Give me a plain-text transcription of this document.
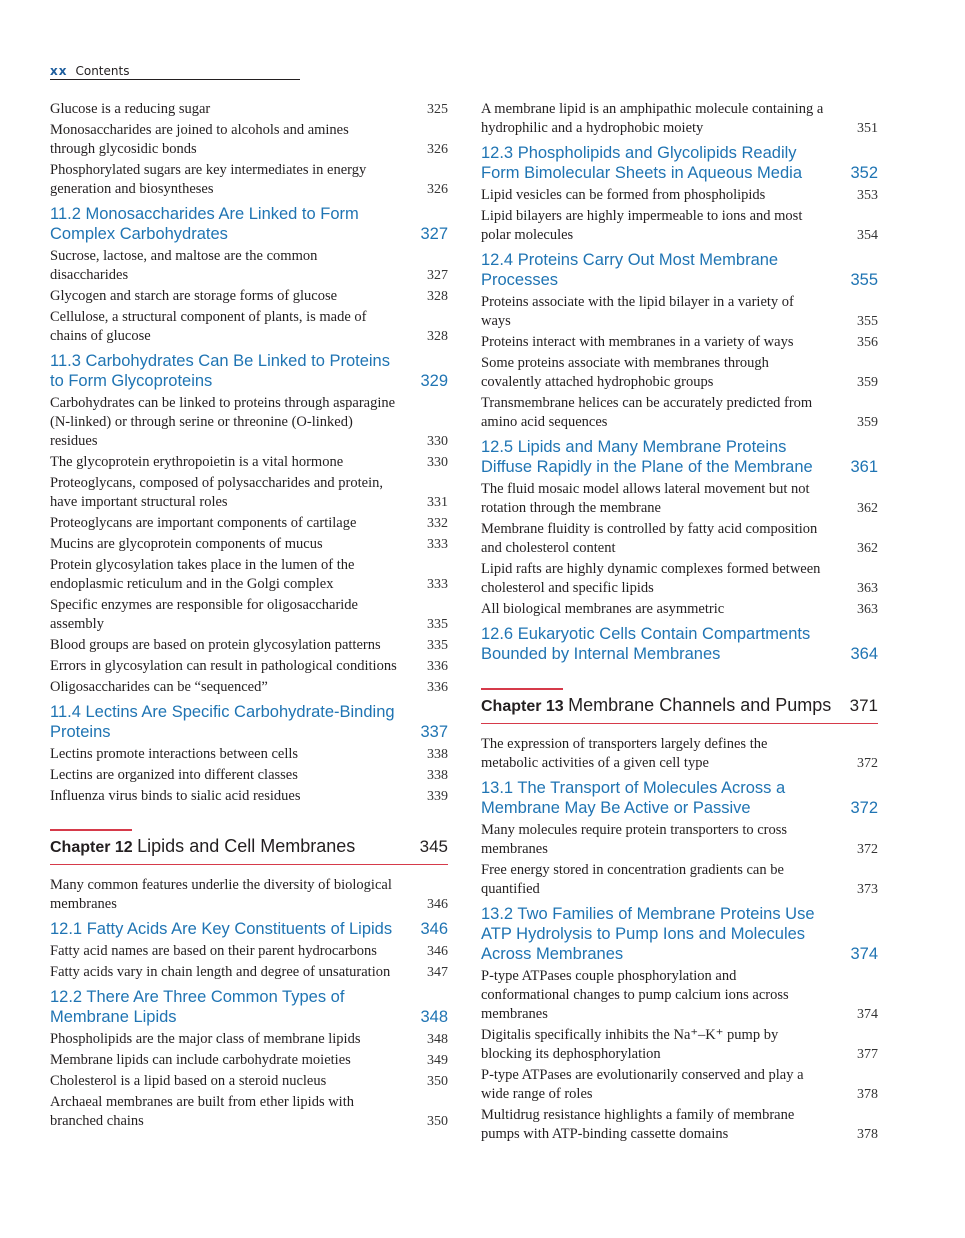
xx Contents
Glucose is a reducing sugar	325
Monosaccharides are joined to alcohols and amines through glycosidic bonds	326
Phosphorylated sugars are key intermediates in energy generation and biosyntheses	326
11.2 Monosaccharides Are Linked to Form Complex Carbohydrates	327
Sucrose, lactose, and maltose are the common disaccharides	327
Glycogen and starch are storage forms of glucose	328
Cellulose, a structural component of plants, is made of chains of glucose	328
11.3 Carbohydrates Can Be Linked to Proteins to Form Glycoproteins	329
Carbohydrates can be linked to proteins through asparagine (N-linked) or through serine or threonine (O-linked) residues	330
The glycoprotein erythropoietin is a vital hormone	330
Proteoglycans, composed of polysaccharides and protein, have important structural roles	331
Proteoglycans are important components of cartilage	332
Mucins are glycoprotein components of mucus	333
Protein glycosylation takes place in the lumen of the endoplasmic reticulum and in the Golgi complex	333
Specific enzymes are responsible for oligosaccharide assembly	335
Blood groups are based on protein glycosylation patterns	335
Errors in glycosylation can result in pathological conditions	336
Oligosaccharides can be “sequenced”	336
11.4 Lectins Are Specific Carbohydrate-Binding Proteins	337
Lectins promote interactions between cells	338
Lectins are organized into different classes	338
Influenza virus binds to sialic acid residues	339
Chapter 12 Lipids and Cell Membranes	345
Many common features underlie the diversity of biological membranes	346
12.1 Fatty Acids Are Key Constituents of Lipids	346
Fatty acid names are based on their parent hydrocarbons	346
Fatty acids vary in chain length and degree of unsaturation	347
12.2 There Are Three Common Types of Membrane Lipids	348
Phospholipids are the major class of membrane lipids	348
Membrane lipids can include carbohydrate moieties	349
Cholesterol is a lipid based on a steroid nucleus	350
Archaeal membranes are built from ether lipids with branched chains	350
A membrane lipid is an amphipathic molecule containing a hydrophilic and a hydrophobic moiety	351
12.3 Phospholipids and Glycolipids Readily Form Bimolecular Sheets in Aqueous Media	352
Lipid vesicles can be formed from phospholipids	353
Lipid bilayers are highly impermeable to ions and most polar molecules	354
12.4 Proteins Carry Out Most Membrane Processes	355
Proteins associate with the lipid bilayer in a variety of ways	355
Proteins interact with membranes in a variety of ways	356
Some proteins associate with membranes through covalently attached hydrophobic groups	359
Transmembrane helices can be accurately predicted from amino acid sequences	359
12.5 Lipids and Many Membrane Proteins Diffuse Rapidly in the Plane of the Membrane	361
The fluid mosaic model allows lateral movement but not rotation through the membrane	362
Membrane fluidity is controlled by fatty acid composition and cholesterol content	362
Lipid rafts are highly dynamic complexes formed between cholesterol and specific lipids	363
All biological membranes are asymmetric	363
12.6 Eukaryotic Cells Contain Compartments Bounded by Internal Membranes	364
Chapter 13 Membrane Channels and Pumps 371
The expression of transporters largely defines the metabolic activities of a given cell type	372
13.1 The Transport of Molecules Across a Membrane May Be Active or Passive	372
Many molecules require protein transporters to cross membranes	372
Free energy stored in concentration gradients can be quantified	373
13.2 Two Families of Membrane Proteins Use ATP Hydrolysis to Pump Ions and Molecules Across Membranes	374
P-type ATPases couple phosphorylation and conformational changes to pump calcium ions across membranes	374
Digitalis specifically inhibits the Na⁺–K⁺ pump by blocking its dephosphorylation	377
P-type ATPases are evolutionarily conserved and play a wide range of roles	378
Multidrug resistance highlights a family of membrane pumps with ATP-binding cassette domains	378
